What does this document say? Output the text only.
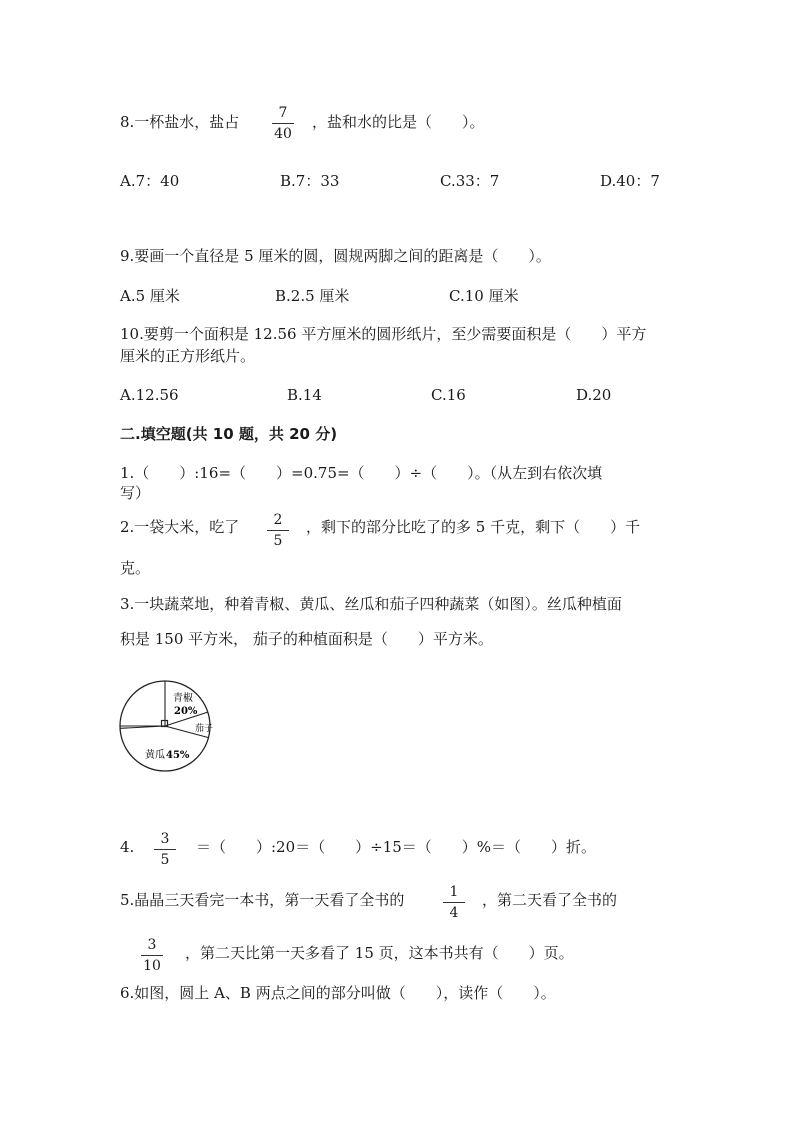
8.一杯盐水，盐占	7
40
，盐和水的比是（　　）。
A.7：40	B.7：33	C.33：7	D.40：7
9.要画一个直径是 5 厘米的圆，圆规两脚之间的距离是（　　）。
A.5 厘米	B.2.5 厘米	C.10 厘米
10.要剪一个面积是 12.56 平方厘米的圆形纸片，至少需要面积是（　　）平方
厘米的正方形纸片。
A.12.56	B.14	C.16	D.20
二.填空题(共 10 题，共 20 分)
1.（　　）:16=（　　）=0.75=（　　）÷（　　）。（从左到右依次填
写）
2.一袋大米，吃了	2
5
，剩下的部分比吃了的多 5 千克，剩下（　　）千
克。
3.一块蔬菜地，种着青椒、黄瓜、丝瓜和茄子四种蔬菜（如图）。丝瓜种植面
积是 150 平方米， 茄子的种植面积是（　　）平方米。
青椒
20%
茄子
黄瓜 45%
4.	3
5
＝（　　）:20＝（　　）÷15＝（　　）%＝（　　）折。
5.晶晶三天看完一本书，第一天看了全书的	1
4
，第二天看了全书的
3
10
，第二天比第一天多看了 15 页，这本书共有（　　）页。
6.如图，圆上 A、B 两点之间的部分叫做（　　），读作（　　）。
